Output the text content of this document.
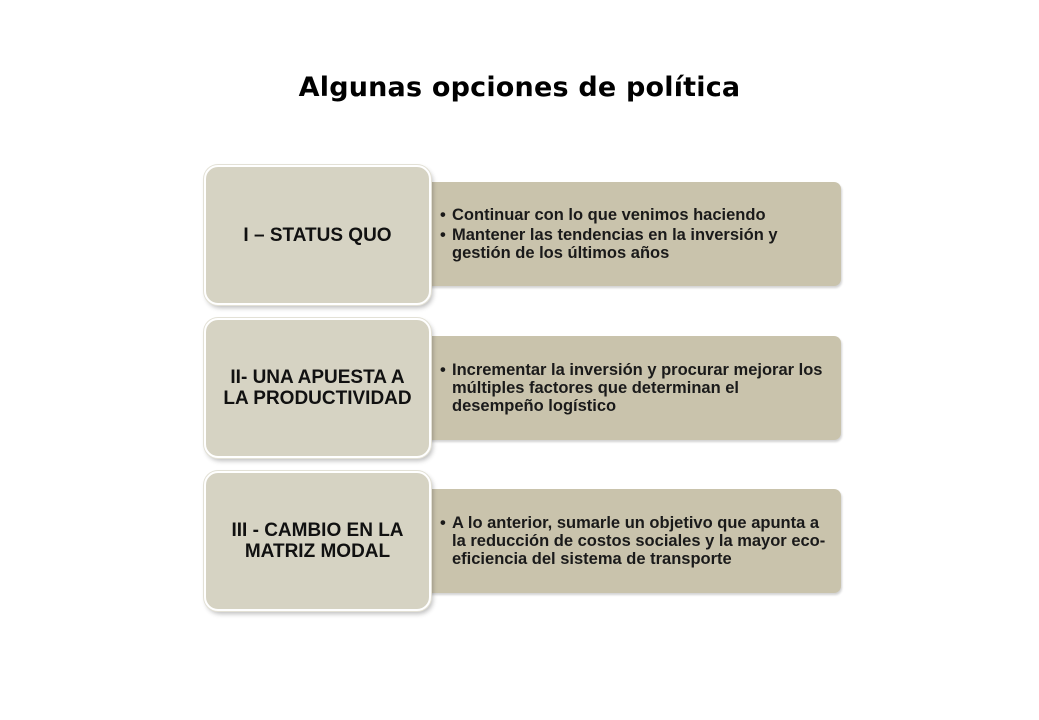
Algunas opciones de política
• Continuar con lo que venimos haciendo
• Mantener las tendencias en la inversión y gestión de los últimos años
I – STATUS QUO
• Incrementar la inversión y procurar mejorar los múltiples factores que determinan el desempeño logístico
II- UNA APUESTA A LA PRODUCTIVIDAD
• A lo anterior, sumarle un objetivo que apunta a la reducción de costos sociales y la mayor eco-eficiencia del sistema de transporte
III - CAMBIO EN LA MATRIZ MODAL
